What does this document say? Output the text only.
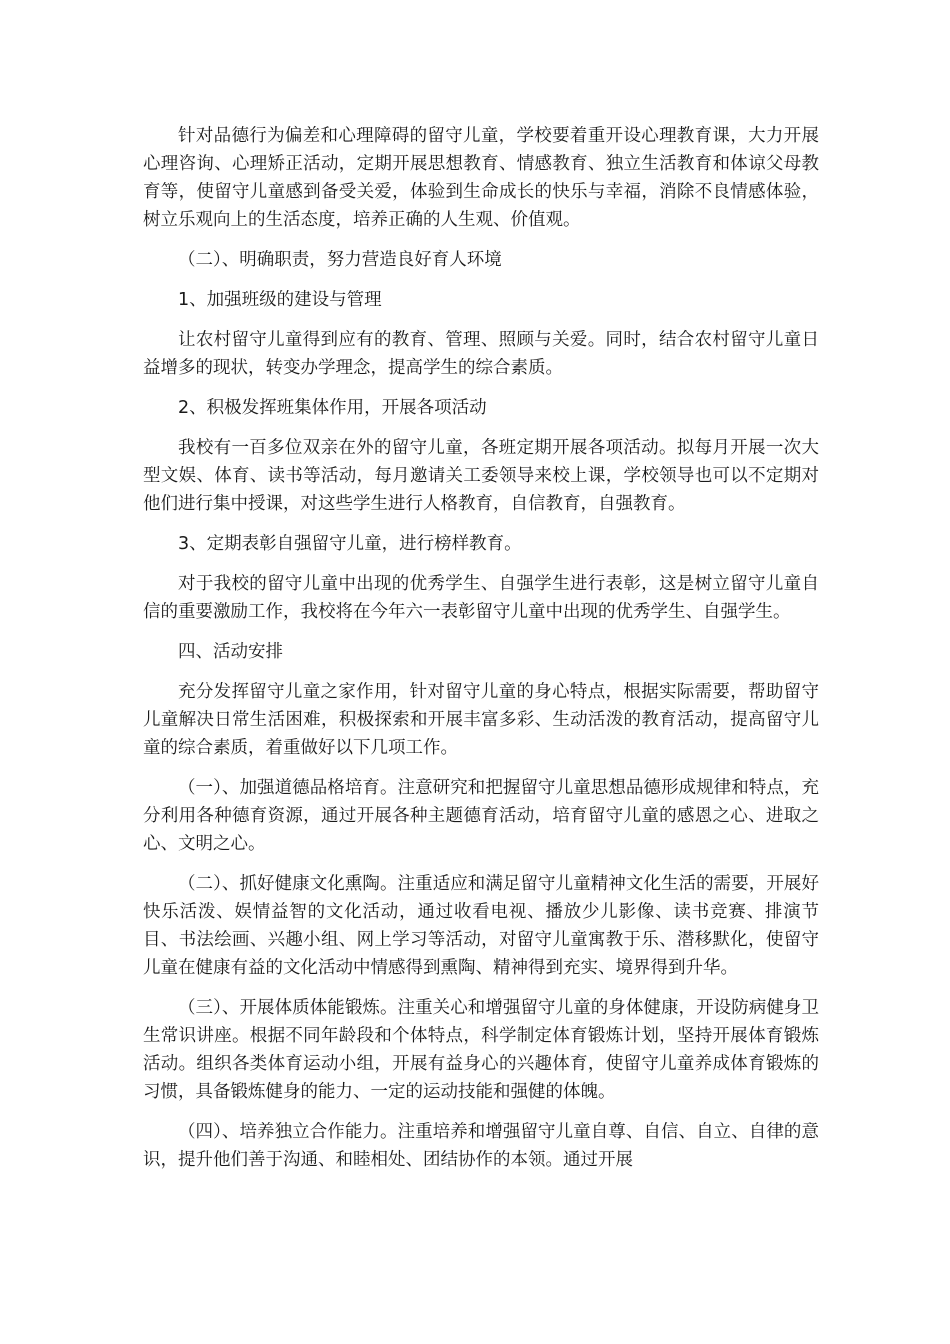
针对品德行为偏差和心理障碍的留守儿童，学校要着重开设心理教育课，大力开展心理咨询、心理矫正活动，定期开展思想教育、情感教育、独立生活教育和体谅父母教育等，使留守儿童感到备受关爱，体验到生命成长的快乐与幸福，消除不良情感体验，树立乐观向上的生活态度，培养正确的人生观、价值观。

（二）、明确职责，努力营造良好育人环境

1、加强班级的建设与管理

让农村留守儿童得到应有的教育、管理、照顾与关爱。同时，结合农村留守儿童日益增多的现状，转变办学理念，提高学生的综合素质。

2、积极发挥班集体作用，开展各项活动

我校有一百多位双亲在外的留守儿童，各班定期开展各项活动。拟每月开展一次大型文娱、体育、读书等活动，每月邀请关工委领导来校上课，学校领导也可以不定期对他们进行集中授课，对这些学生进行人格教育，自信教育，自强教育。

3、定期表彰自强留守儿童，进行榜样教育。

对于我校的留守儿童中出现的优秀学生、自强学生进行表彰，这是树立留守儿童自信的重要激励工作，我校将在今年六一表彰留守儿童中出现的优秀学生、自强学生。

四、活动安排

充分发挥留守儿童之家作用，针对留守儿童的身心特点，根据实际需要，帮助留守儿童解决日常生活困难，积极探索和开展丰富多彩、生动活泼的教育活动，提高留守儿童的综合素质，着重做好以下几项工作。

（一）、加强道德品格培育。注意研究和把握留守儿童思想品德形成规律和特点，充分利用各种德育资源，通过开展各种主题德育活动，培育留守儿童的感恩之心、进取之心、文明之心。

（二）、抓好健康文化熏陶。注重适应和满足留守儿童精神文化生活的需要，开展好快乐活泼、娱情益智的文化活动，通过收看电视、播放少儿影像、读书竞赛、排演节目、书法绘画、兴趣小组、网上学习等活动，对留守儿童寓教于乐、潜移默化，使留守儿童在健康有益的文化活动中情感得到熏陶、精神得到充实、境界得到升华。

（三）、开展体质体能锻炼。注重关心和增强留守儿童的身体健康，开设防病健身卫生常识讲座。根据不同年龄段和个体特点，科学制定体育锻炼计划，坚持开展体育锻炼活动。组织各类体育运动小组，开展有益身心的兴趣体育，使留守儿童养成体育锻炼的习惯，具备锻炼健身的能力、一定的运动技能和强健的体魄。

（四）、培养独立合作能力。注重培养和增强留守儿童自尊、自信、自立、自律的意识，提升他们善于沟通、和睦相处、团结协作的本领。通过开展
